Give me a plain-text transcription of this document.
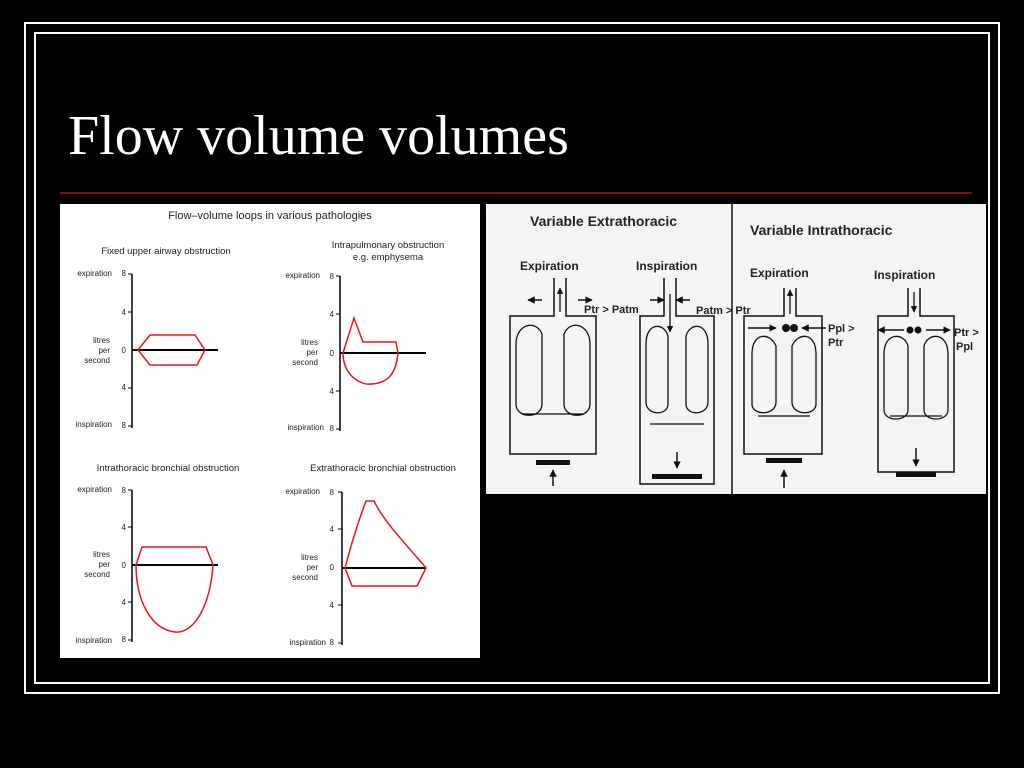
Flow volume volumes
Flow–volume loops in various pathologies
Fixed upper airway obstruction
expiration
inspiration
litres
per
second
8
4
0
4
8
Intrapulmonary obstruction
e.g. emphysema
expiration
inspiration
litres
per
second
8
4
0
4
8
Intrathoracic bronchial obstruction
expiration
inspiration
litres
per
second
8
4
0
4
8
Extrathoracic bronchial obstruction
expiration
inspiration
litres
per
second
8
4
0
4
8
Variable Extrathoracic
Expiration	Inspiration
Ptr > Patm	Patm > Ptr
Variable Intrathoracic
Expiration	Inspiration
Ppl >
Ptr
Ptr >
Ppl
